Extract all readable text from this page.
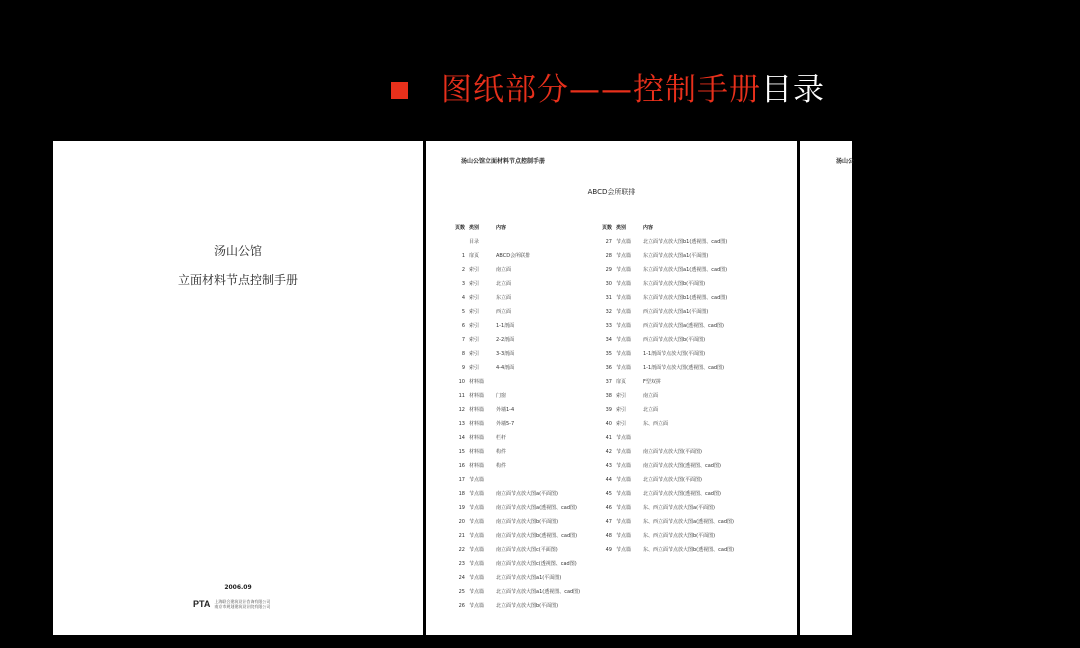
图纸部分——控制手册目录
汤山公馆
立面材料节点控制手册
2006.09
PTA 上海联合建筑设计咨询有限公司
南京市规划建筑设计院有限公司
汤山公馆立面材料节点控制手册
ABCD会所联排
页数 类别	内容
目录
1 扉页	ABCD会所联排
2 索引	南立面
3 索引	北立面
4 索引	东立面
5 索引	西立面
6 索引	1-1剖面
7 索引	2-2剖面
8 索引	3-3剖面
9 索引	4-4剖面
10 材料篇
11 材料篇 门窗
12 材料篇 外墙1-4
13 材料篇 外墙5-7
14 材料篇 栏杆
15 材料篇 构件
16 材料篇 构件
17 节点篇
18 节点篇 南立面节点放大图a(平面图)
19 节点篇 南立面节点放大图a(透视图、cad图)
20 节点篇 南立面节点放大图b(平面图)
21 节点篇 南立面节点放大图b(透视图、cad图)
22 节点篇 南立面节点放大图c(平面图)
23 节点篇 南立面节点放大图c(透视图、cad图)
24 节点篇 北立面节点放大图a1(平面图)
25 节点篇 北立面节点放大图a1(透视图、cad图)
26 节点篇 北立面节点放大图b(平面图)
页数 类别	内容
27 节点篇 北立面节点放大图b1(透视图、cad图)
28 节点篇 东立面节点放大图a1(平面图)
29 节点篇 东立面节点放大图a1(透视图、cad图)
30 节点篇 东立面节点放大图b(平面图)
31 节点篇 东立面节点放大图b1(透视图、cad图)
32 节点篇 西立面节点放大图a1(平面图)
33 节点篇 西立面节点放大图a(透视图、cad图)
34 节点篇 西立面节点放大图b(平面图)
35 节点篇 1-1剖面节点放大图(平面图)
36 节点篇 1-1剖面节点放大图(透视图、cad图)
37 扉页	F型双拼
38 索引	南立面
39 索引	北立面
40 索引	东、西立面
41 节点篇
42 节点篇 南立面节点放大图(平面图)
43 节点篇 南立面节点放大图(透视图、cad图)
44 节点篇 北立面节点放大图(平面图)
45 节点篇 北立面节点放大图(透视图、cad图)
46 节点篇 东、西立面节点放大图a(平面图)
47 节点篇 东、西立面节点放大图a(透视图、cad图)
48 节点篇 东、西立面节点放大图b(平面图)
49 节点篇 东、西立面节点放大图b(透视图、cad图)
汤山公
